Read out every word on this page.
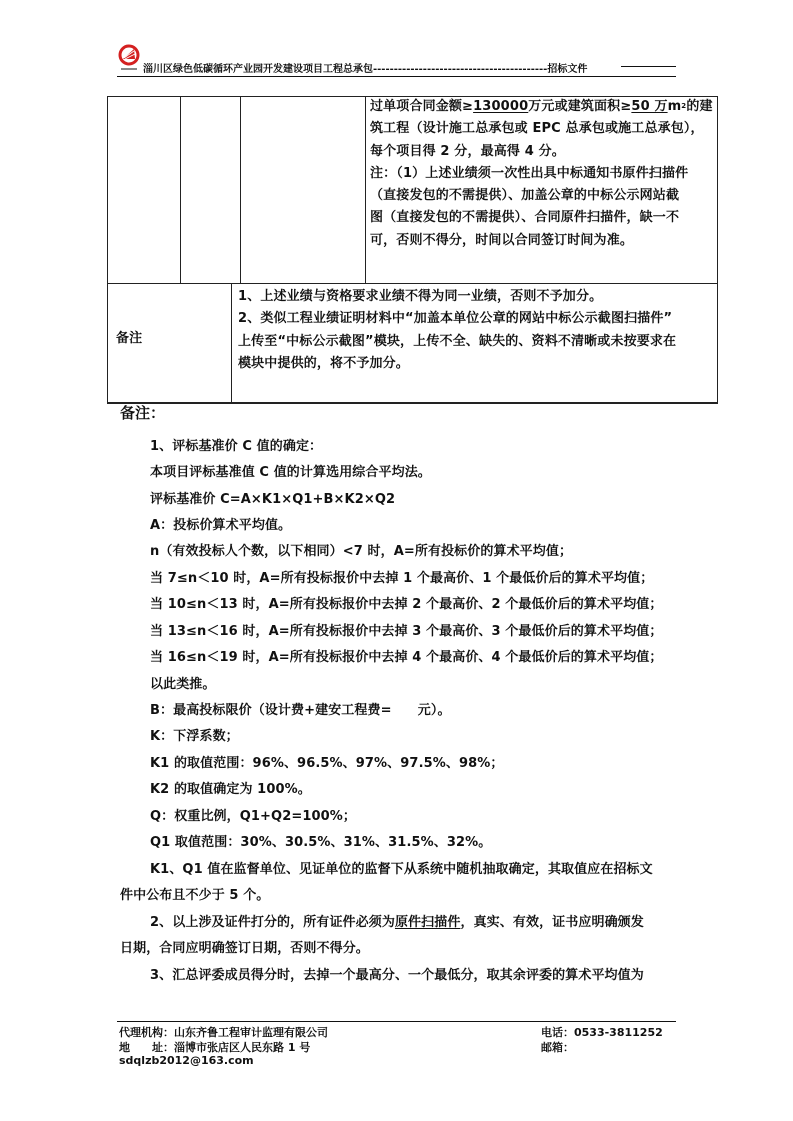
淄川区绿色低碳循环产业园开发建设项目工程总承包------------------------------------------招标文件
过单项合同金额≥130000万元或建筑面积≥50 万$m^2$的建
筑工程（设计施工总承包或 EPC 总承包或施工总承包），
每个项目得 2 分，最高得 4 分。
注：（1）上述业绩须一次性出具中标通知书原件扫描件
（直接发包的不需提供）、加盖公章的中标公示网站截
图（直接发包的不需提供）、合同原件扫描件，缺一不
可，否则不得分，时间以合同签订时间为准。
备注
1、上述业绩与资格要求业绩不得为同一业绩，否则不予加分。
2、类似工程业绩证明材料中“加盖本单位公章的网站中标公示截图扫描件”
上传至“中标公示截图”模块，上传不全、缺失的、资料不清晰或未按要求在
模块中提供的，将不予加分。
备注：
1、评标基准价 C 值的确定：
本项目评标基准值 C 值的计算选用综合平均法。
评标基准价 C=A×K1×Q1+B×K2×Q2
A：投标价算术平均值。
n（有效投标人个数，以下相同）<7 时，A=所有投标价的算术平均值；
当 7≤n＜10 时，A=所有投标报价中去掉 1 个最高价、1 个最低价后的算术平均值；
当 10≤n＜13 时，A=所有投标报价中去掉 2 个最高价、2 个最低价后的算术平均值；
当 13≤n＜16 时，A=所有投标报价中去掉 3 个最高价、3 个最低价后的算术平均值；
当 16≤n＜19 时，A=所有投标报价中去掉 4 个最高价、4 个最低价后的算术平均值；
以此类推。
B：最高投标限价（设计费+建安工程费=　　元）。
K：下浮系数；
K1 的取值范围：96%、96.5%、97%、97.5%、98%；
K2 的取值确定为 100%。
Q：权重比例，Q1+Q2=100%；
Q1 取值范围：30%、30.5%、31%、31.5%、32%。
K1、Q1 值在监督单位、见证单位的监督下从系统中随机抽取确定，其取值应在招标文
件中公布且不少于 5 个。
2、以上涉及证件打分的，所有证件必须为原件扫描件，真实、有效，证书应明确颁发
日期，合同应明确签订日期，否则不得分。
3、汇总评委成员得分时，去掉一个最高分、一个最低分，取其余评委的算术平均值为
代理机构：山东齐鲁工程审计监理有限公司	电话：0533-3811252
地　　址：淄博市张店区人民东路 1 号	邮箱：
sdqlzb2012@163.com
